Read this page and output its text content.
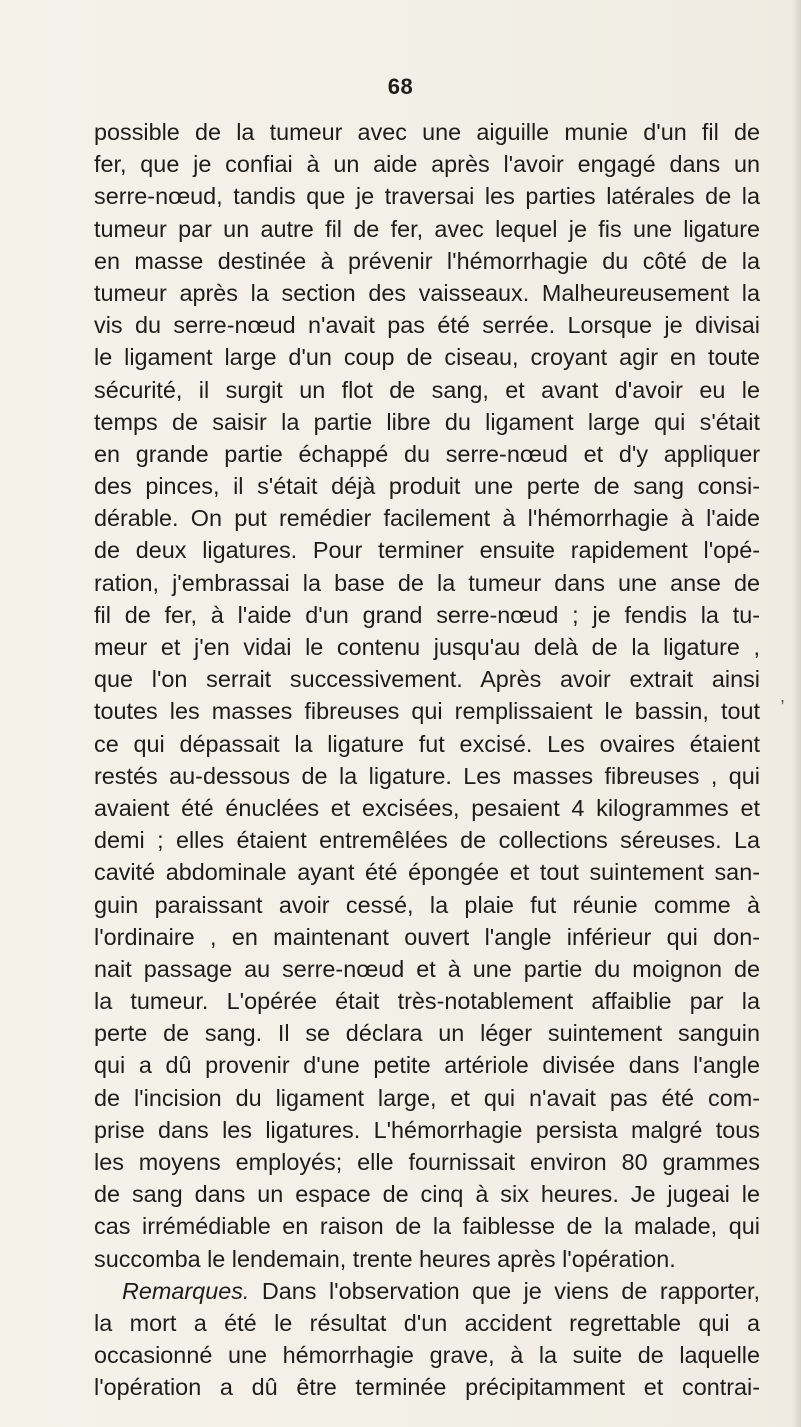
68
possible de la tumeur avec une aiguille munie d'un fil de
fer, que je confiai à un aide après l'avoir engagé dans un
serre-nœud, tandis que je traversai les parties latérales de la
tumeur par un autre fil de fer, avec lequel je fis une ligature
en masse destinée à prévenir l'hémorrhagie du côté de la
tumeur après la section des vaisseaux. Malheureusement la
vis du serre-nœud n'avait pas été serrée. Lorsque je divisai
le ligament large d'un coup de ciseau, croyant agir en toute
sécurité, il surgit un flot de sang, et avant d'avoir eu le
temps de saisir la partie libre du ligament large qui s'était
en grande partie échappé du serre-nœud et d'y appliquer
des pinces, il s'était déjà produit une perte de sang consi-
dérable. On put remédier facilement à l'hémorrhagie à l'aide
de deux ligatures. Pour terminer ensuite rapidement l'opé-
ration, j'embrassai la base de la tumeur dans une anse de
fil de fer, à l'aide d'un grand serre-nœud ; je fendis la tu-
meur et j'en vidai le contenu jusqu'au delà de la ligature ,
que l'on serrait successivement. Après avoir extrait ainsi
toutes les masses fibreuses qui remplissaient le bassin, tout
ce qui dépassait la ligature fut excisé. Les ovaires étaient
restés au-dessous de la ligature. Les masses fibreuses , qui
avaient été énuclées et excisées, pesaient 4 kilogrammes et
demi ; elles étaient entremêlées de collections séreuses. La
cavité abdominale ayant été épongée et tout suintement san-
guin paraissant avoir cessé, la plaie fut réunie comme à
l'ordinaire , en maintenant ouvert l'angle inférieur qui don-
nait passage au serre-nœud et à une partie du moignon de
la tumeur. L'opérée était très-notablement affaiblie par la
perte de sang. Il se déclara un léger suintement sanguin
qui a dû provenir d'une petite artériole divisée dans l'angle
de l'incision du ligament large, et qui n'avait pas été com-
prise dans les ligatures. L'hémorrhagie persista malgré tous
les moyens employés; elle fournissait environ 80 grammes
de sang dans un espace de cinq à six heures. Je jugeai le
cas irrémédiable en raison de la faiblesse de la malade, qui
succomba le lendemain, trente heures après l'opération.
Remarques. Dans l'observation que je viens de rapporter,
la mort a été le résultat d'un accident regrettable qui a
occasionné une hémorrhagie grave, à la suite de laquelle
l'opération a dû être terminée précipitamment et contrai-
,
